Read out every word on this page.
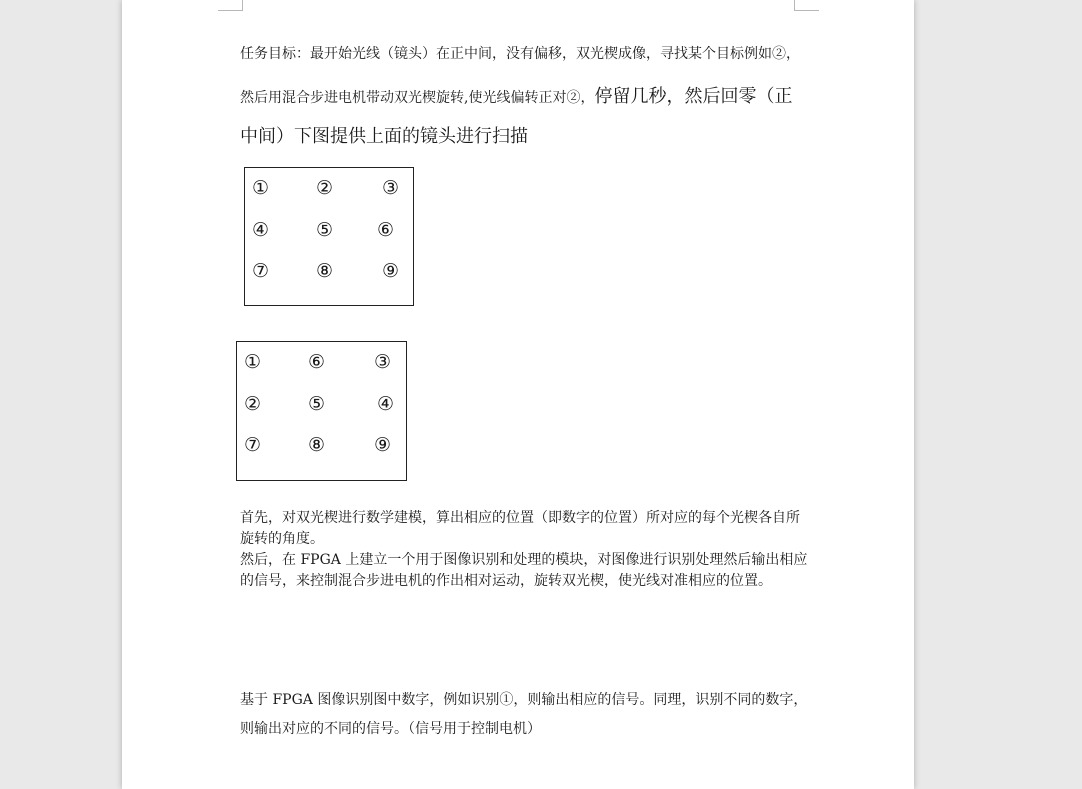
任务目标：最开始光线（镜头）在正中间，没有偏移，双光楔成像，寻找某个目标例如②，
然后用混合步进电机带动双光楔旋转,使光线偏转正对②，停留几秒，然后回零（正
中间）下图提供上面的镜头进行扫描
① ②	③
④ ⑤ ⑥
⑦ ⑧	⑨
① ⑥	③
② ⑤	④
⑦ ⑧	⑨
首先，对双光楔进行数学建模，算出相应的位置（即数字的位置）所对应的每个光楔各自所
旋转的角度。
然后，在 FPGA 上建立一个用于图像识别和处理的模块，对图像进行识别处理然后输出相应
的信号，来控制混合步进电机的作出相对运动，旋转双光楔，使光线对准相应的位置。
基于 FPGA 图像识别图中数字，例如识别①，则输出相应的信号。同理，识别不同的数字，
则输出对应的不同的信号。（信号用于控制电机）
